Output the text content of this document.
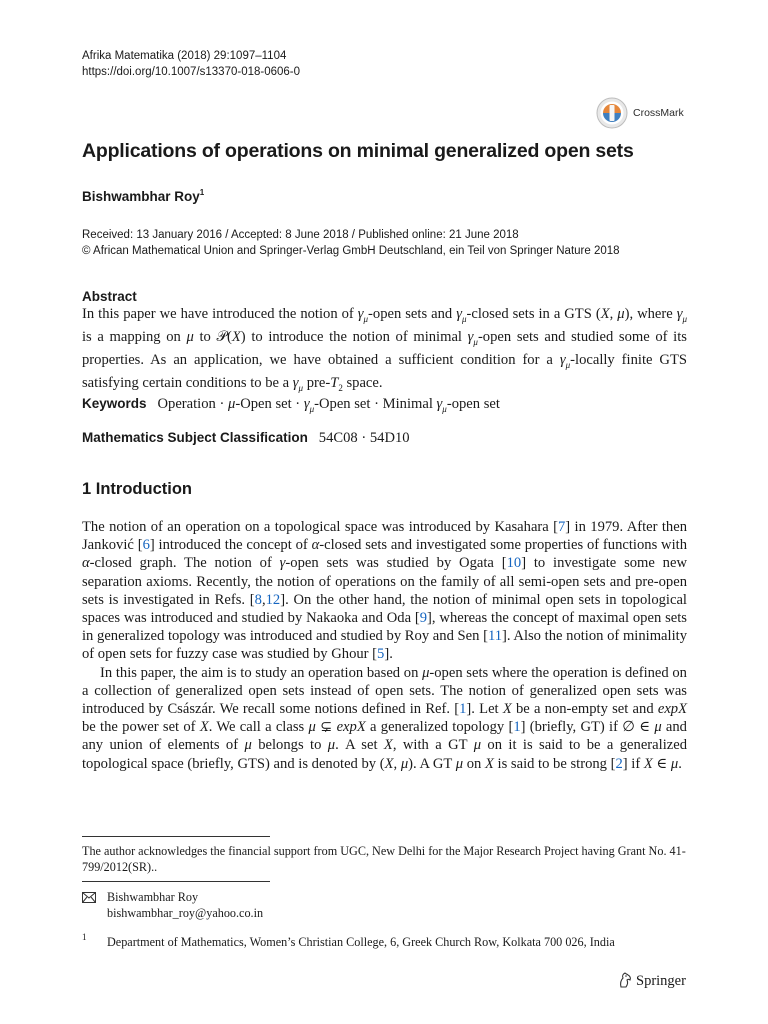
Afrika Matematika (2018) 29:1097–1104
https://doi.org/10.1007/s13370-018-0606-0
CrossMark
Applications of operations on minimal generalized open sets
Bishwambhar Roy$^1$
Received: 13 January 2016 / Accepted: 8 June 2018 / Published online: 21 June 2018
© African Mathematical Union and Springer-Verlag GmbH Deutschland, ein Teil von Springer Nature 2018
Abstract

In this paper we have introduced the notion of $\gamma_\mu$-open sets and $\gamma_\mu$-closed sets in a GTS (X, μ), where $\gamma_\mu$ is a mapping on μ to 𝒫(X) to introduce the notion of minimal $\gamma_\mu$-open sets and studied some of its properties. As an application, we have obtained a sufficient condition for a $\gamma_\mu$-locally finite GTS satisfying certain conditions to be a $\gamma_\mu$ pre-$T_2$ space.

Keywords   Operation · μ-Open set · $\gamma_\mu$-Open set · Minimal $\gamma_\mu$-open set
Mathematics Subject Classification 54C08 · 54D10
1 Introduction

The notion of an operation on a topological space was introduced by Kasahara [7] in 1979. After then Janković [6] introduced the concept of α-closed sets and investigated some properties of functions with α-closed graph. The notion of γ-open sets was studied by Ogata [10] to investigate some new separation axioms. Recently, the notion of operations on the family of all semi-open sets and pre-open sets is investigated in Refs. [8,12]. On the other hand, the notion of minimal open sets in topological spaces was introduced and studied by Nakaoka and Oda [9], whereas the concept of maximal open sets in generalized topology was introduced and studied by Roy and Sen [11]. Also the notion of minimality of open sets for fuzzy case was studied by Ghour [5].

In this paper, the aim is to study an operation based on μ-open sets where the operation is defined on a collection of generalized open sets instead of open sets. The notion of generalized open sets was introduced by Császár. We recall some notions defined in Ref. [1]. Let X be a non-empty set and expX be the power set of X. We call a class μ ⊊ expX a generalized topology [1] (briefly, GT) if ∅ ∈ μ and any union of elements of μ belongs to μ. A set X, with a GT μ on it is said to be a generalized topological space (briefly, GTS) and is denoted by (X, μ). A GT μ on X is said to be strong [2] if X ∈ μ.

The author acknowledges the financial support from UGC, New Delhi for the Major Research Project having Grant No. 41-799/2012(SR)..
Bishwambhar Roy
bishwambhar_roy@yahoo.co.in
1	Department of Mathematics, Women’s Christian College, 6, Greek Church Row, Kolkata 700 026, India
Springer
